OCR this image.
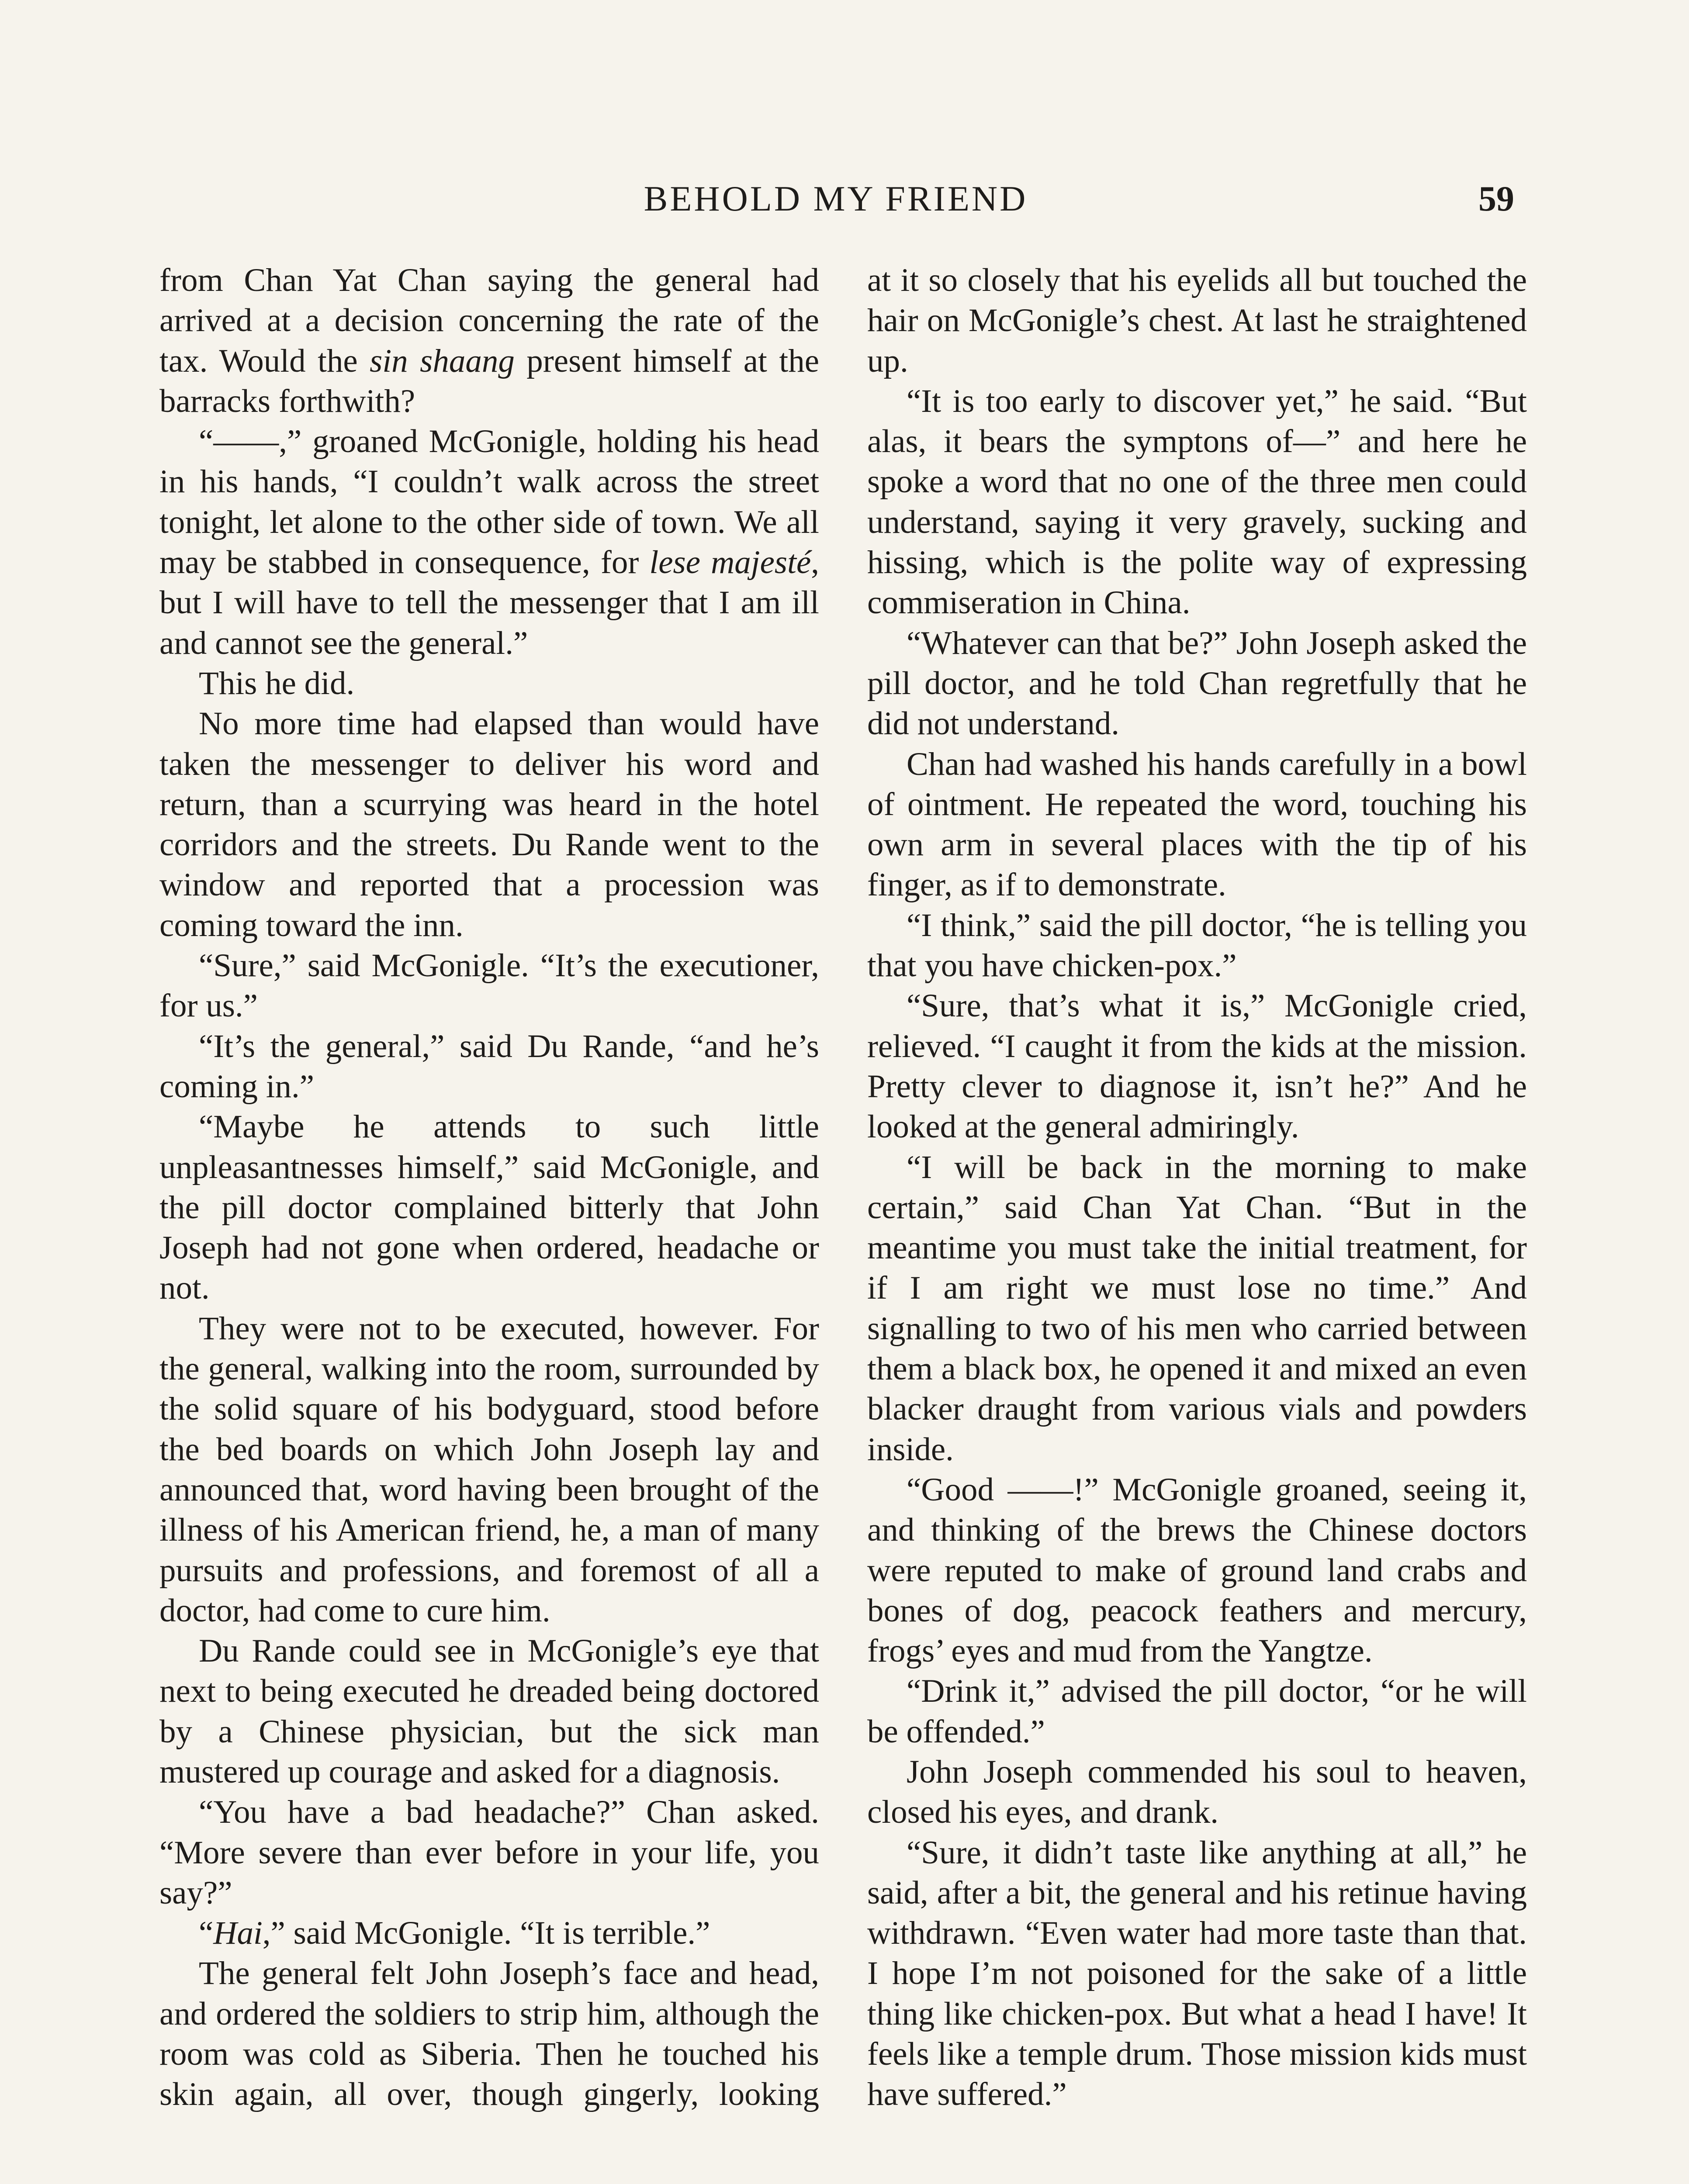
BEHOLD MY FRIEND	59

from Chan Yat Chan saying the general had arrived at a decision concerning the rate of the tax. Would the sin shaang present himself at the barracks forthwith?

“——,” groaned McGonigle, holding his head in his hands, “I couldn’t walk across the street tonight, let alone to the other side of town. We all may be stabbed in consequence, for lese majesté, but I will have to tell the messenger that I am ill and cannot see the general.”

This he did.

No more time had elapsed than would have taken the messenger to deliver his word and return, than a scurrying was heard in the hotel corridors and the streets. Du Rande went to the window and reported that a procession was coming toward the inn.

“Sure,” said McGonigle. “It’s the executioner, for us.”

“It’s the general,” said Du Rande, “and he’s coming in.”

“Maybe he attends to such little unpleasantnesses himself,” said McGonigle, and the pill doctor complained bitterly that John Joseph had not gone when ordered, headache or not.

They were not to be executed, however. For the general, walking into the room, surrounded by the solid square of his bodyguard, stood before the bed boards on which John Joseph lay and announced that, word having been brought of the illness of his American friend, he, a man of many pursuits and professions, and foremost of all a doctor, had come to cure him.

Du Rande could see in McGonigle’s eye that next to being executed he dreaded being doctored by a Chinese physician, but the sick man mustered up courage and asked for a diagnosis.

“You have a bad headache?” Chan asked. “More severe than ever before in your life, you say?”

“Hai,” said McGonigle. “It is terrible.”

The general felt John Joseph’s face and head, and ordered the soldiers to strip him, although the room was cold as Siberia. Then he touched his skin again, all over, though gingerly, looking

at it so closely that his eyelids all but touched the hair on McGonigle’s chest. At last he straightened up.

“It is too early to discover yet,” he said. “But alas, it bears the symptons of—” and here he spoke a word that no one of the three men could understand, saying it very gravely, sucking and hissing, which is the polite way of expressing commiseration in China.

“Whatever can that be?” John Joseph asked the pill doctor, and he told Chan regretfully that he did not understand.

Chan had washed his hands carefully in a bowl of ointment. He repeated the word, touching his own arm in several places with the tip of his finger, as if to demonstrate.

“I think,” said the pill doctor, “he is telling you that you have chicken-pox.”

“Sure, that’s what it is,” McGonigle cried, relieved. “I caught it from the kids at the mission. Pretty clever to diagnose it, isn’t he?” And he looked at the general admiringly.

“I will be back in the morning to make certain,” said Chan Yat Chan. “But in the meantime you must take the initial treatment, for if I am right we must lose no time.” And signalling to two of his men who carried between them a black box, he opened it and mixed an even blacker draught from various vials and powders inside.

“Good ——!” McGonigle groaned, seeing it, and thinking of the brews the Chinese doctors were reputed to make of ground land crabs and bones of dog, peacock feathers and mercury, frogs’ eyes and mud from the Yangtze.

“Drink it,” advised the pill doctor, “or he will be offended.”

John Joseph commended his soul to heaven, closed his eyes, and drank.

“Sure, it didn’t taste like anything at all,” he said, after a bit, the general and his retinue having withdrawn. “Even water had more taste than that. I hope I’m not poisoned for the sake of a little thing like chicken-pox. But what a head I have! It feels like a temple drum. Those mission kids must have suffered.”
